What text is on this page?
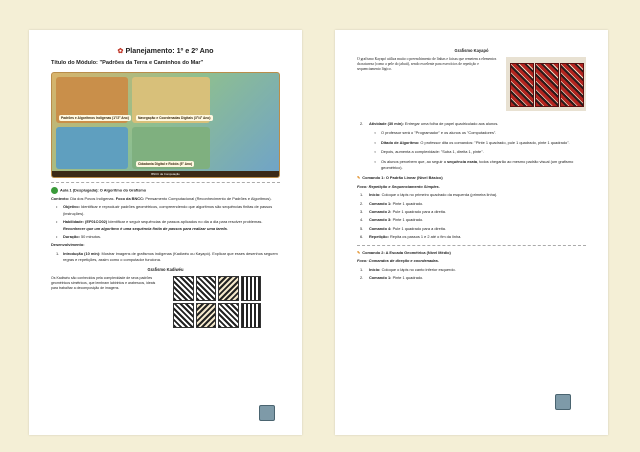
✿ Planejamento: 1º e 2º Ano
Título do Módulo: "Padrões da Terra e Caminhos do Mar"
Padrões e Algoritmos Indígenas (1°/2° Ano)	Navegação e Coordenadas Digitais (3°/4° Ano)
Cidadania Digital e Robôs (5° Ano)
BNCC da Computação
Aula 1 (Desplugada): O Algoritmo do Grafismo
Contexto: Dia dos Povos Indígenas. Foco da BNCC: Pensamento Computacional (Reconhecimento de Padrões e Algoritmos).
• Objetivo: Identificar e reproduzir padrões geométricos, compreendendo que algoritmos são sequências finitas de passos (instruções).
• Habilidade: (EF01CO02) Identificar e seguir sequências de passos aplicados no dia a dia para resolver problemas. Reconhecer que um algoritmo é uma sequência finita de passos para realizar uma tarefa.
• Duração: 50 minutos.
Desenvolvimento:
1. Introdução (10 min): Mostrar imagens de grafismos indígenas (Kadiwéu ou Kayapó). Explicar que esses desenhos seguem regras e repetições, assim como o computador funciona.
Grafismo Kadiwéu
Os Kadiwéu são conhecidos pela complexidade de seus padrões geométricos simétricos, que lembram labirintos e arabescos, ideais para trabalhar a decomposição de imagens.
Grafismo Kayapó
O grafismo Kayapó utiliza muito o preenchimento de linhas e faixas que remetem a elementos da natureza (como a pele do jabuti), sendo excelente para exercícios de repetição e sequenciamento lógico.
2. Atividade (30 min): Entregar uma folha de papel quadriculado aos alunos.
○ O professor será o "Programador" e os alunos os "Computadores".
○ Ditado de Algoritmo: O professor dita os comandos: "Pinte 1 quadrado, pule 1 quadrado, pinte 1 quadrado".
○ Depois, aumenta a complexidade: "Suba 1, direita 1, pinte".
○ Os alunos percebem que, ao seguir a sequência exata, todos chegarão ao mesmo padrão visual (um grafismo geométrico).
✎ Comando 1: O Padrão Linear (Nível Básico)
Foco: Repetição e Sequenciamento Simples.
1. Início: Coloque o lápis no primeiro quadrado da esquerda (primeira linha).
2. Comando 1: Pinte 1 quadrado.
3. Comando 2: Pule 1 quadrado para a direita.
4. Comando 3: Pinte 1 quadrado.
5. Comando 4: Pule 1 quadrado para a direita.
6. Repetição: Repita os passos 1 e 2 até o fim da linha.
✎ Comando 2: A Escada Geométrica (Nível Médio)
Foco: Comandos de direção e coordenadas.
1. Início: Coloque o lápis no canto inferior esquerdo.
2. Comando 1: Pinte 1 quadrado.
